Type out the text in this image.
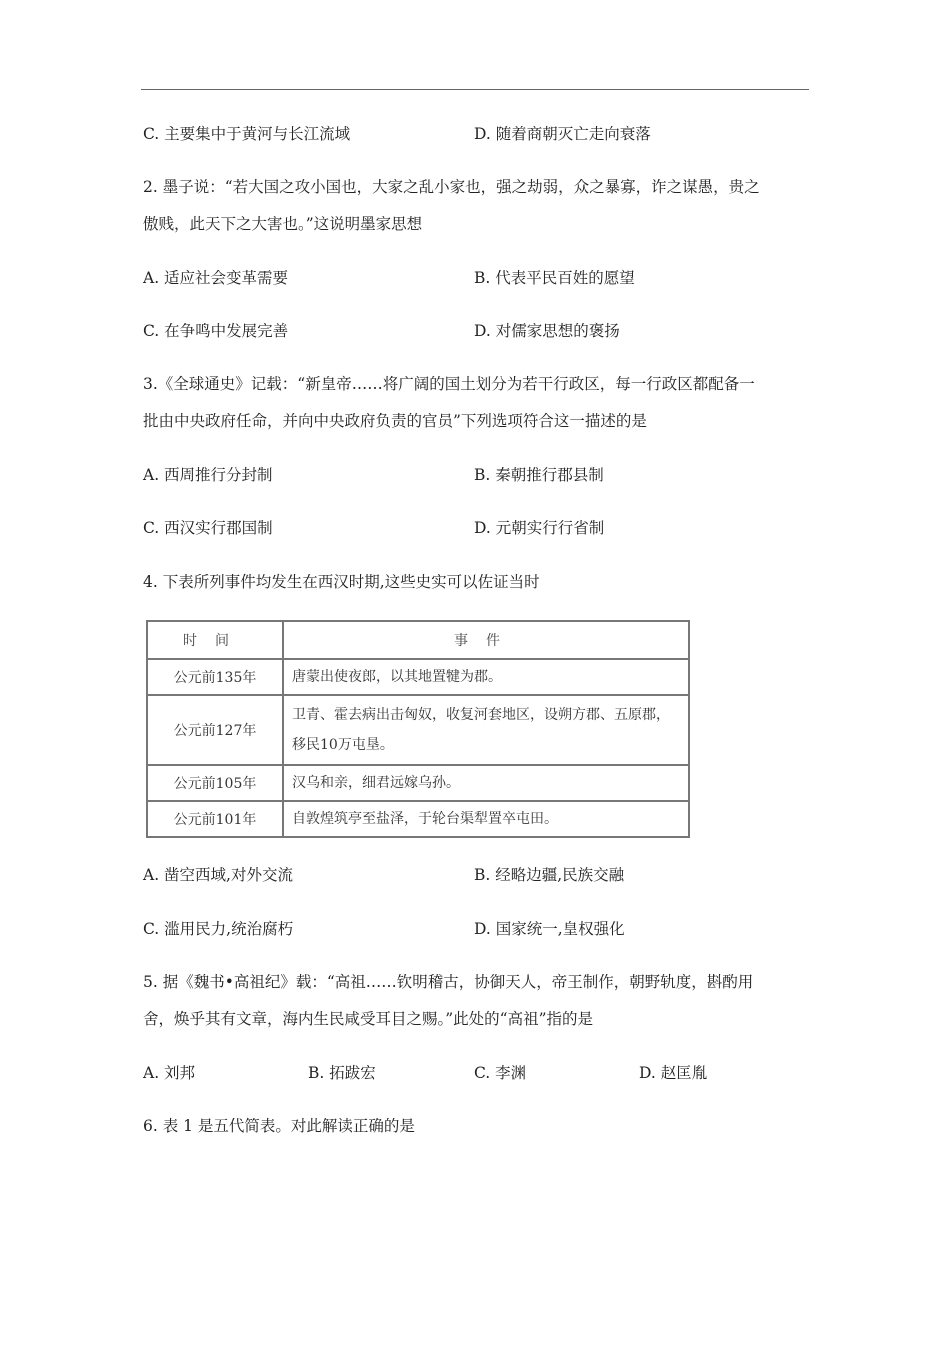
C. 主要集中于黄河与长江流域	D. 随着商朝灭亡走向衰落
2. 墨子说：“若大国之攻小国也，大家之乱小家也，强之劫弱，众之暴寡，诈之谋愚，贵之
傲贱，此天下之大害也。”这说明墨家思想
A. 适应社会变革需要	B. 代表平民百姓的愿望
C. 在争鸣中发展完善	D. 对儒家思想的褒扬
3.《全球通史》记载：“新皇帝……将广阔的国土划分为若干行政区，每一行政区都配备一
批由中央政府任命，并向中央政府负责的官员”下列选项符合这一描述的是
A. 西周推行分封制	B. 秦朝推行郡县制
C. 西汉实行郡国制	D. 元朝实行行省制
4. 下表所列事件均发生在西汉时期,这些史实可以佐证当时
时间	事件
公元前135年	唐蒙出使夜郎，以其地置犍为郡。
公元前127年	卫青、霍去病出击匈奴，收复河套地区，设朔方郡、五原郡，移民10万屯垦。
公元前105年	汉乌和亲，细君远嫁乌孙。
公元前101年	自敦煌筑亭至盐泽，于轮台渠犁置卒屯田。
A. 凿空西域,对外交流	B. 经略边疆,民族交融
C. 滥用民力,统治腐朽	D. 国家统一,皇权强化
5. 据《魏书•高祖纪》载：“高祖……钦明稽古，协御天人，帝王制作，朝野轨度，斟酌用
舍，焕乎其有文章，海内生民咸受耳目之赐。”此处的“高祖”指的是
A. 刘邦	B. 拓跋宏	C. 李渊	D. 赵匡胤
6. 表 1 是五代简表。对此解读正确的是
